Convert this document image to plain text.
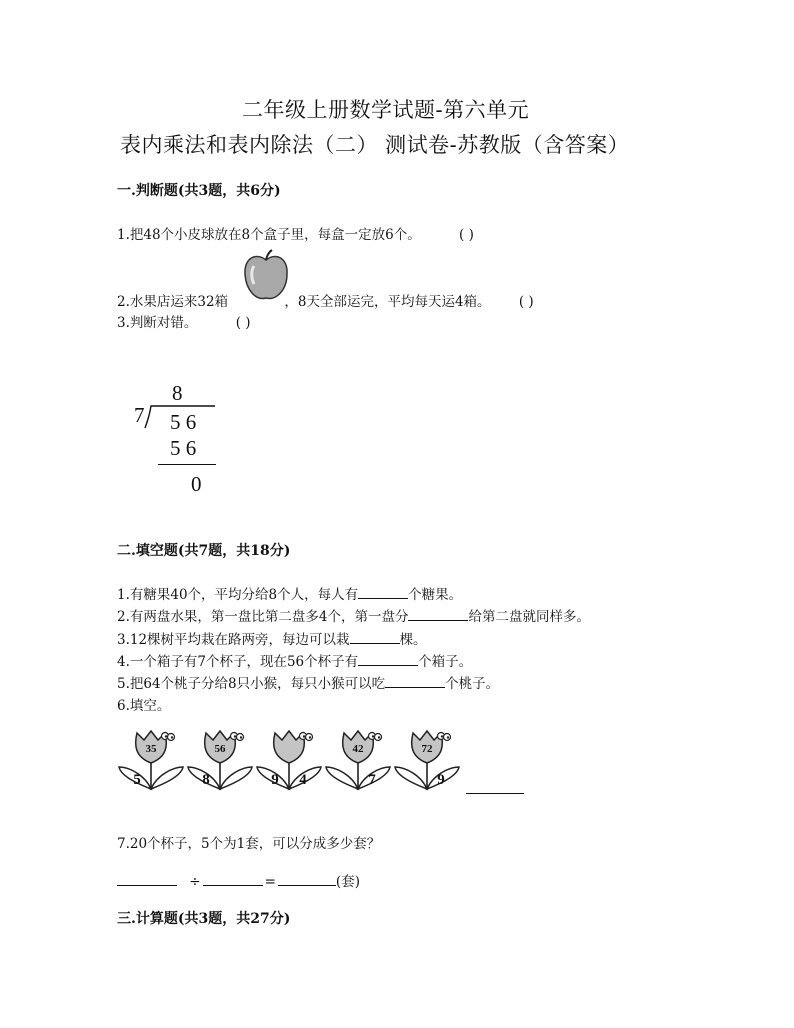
二年级上册数学试题-第六单元
表内乘法和表内除法（二） 测试卷-苏教版（含答案）
一.判断题(共3题，共6分)
1.把48个小皮球放在8个盒子里，每盒一定放6个。	( )
2.水果店运来32箱	，8天全部运完，平均每天运4箱。 ( )
3.判断对错。	( )
8
7 5 6
5 6
0
二.填空题(共7题，共18分)
1.有糖果40个，平均分给8个人，每人有	个糖果。
2.有两盘水果，第一盘比第二盘多4个，第一盘分	给第二盘就同样多。
3.12棵树平均栽在路两旁，每边可以栽	棵。
4.一个箱子有7个杯子，现在56个杯子有	个箱子。
5.把64个桃子分给8只小猴，每只小猴可以吃	个桃子。
6.填空。
35
5
56
8	9 4
42
7
72
9
7.20个杯子，5个为1套，可以分成多少套？
÷	=	(套)
三.计算题(共3题，共27分)
